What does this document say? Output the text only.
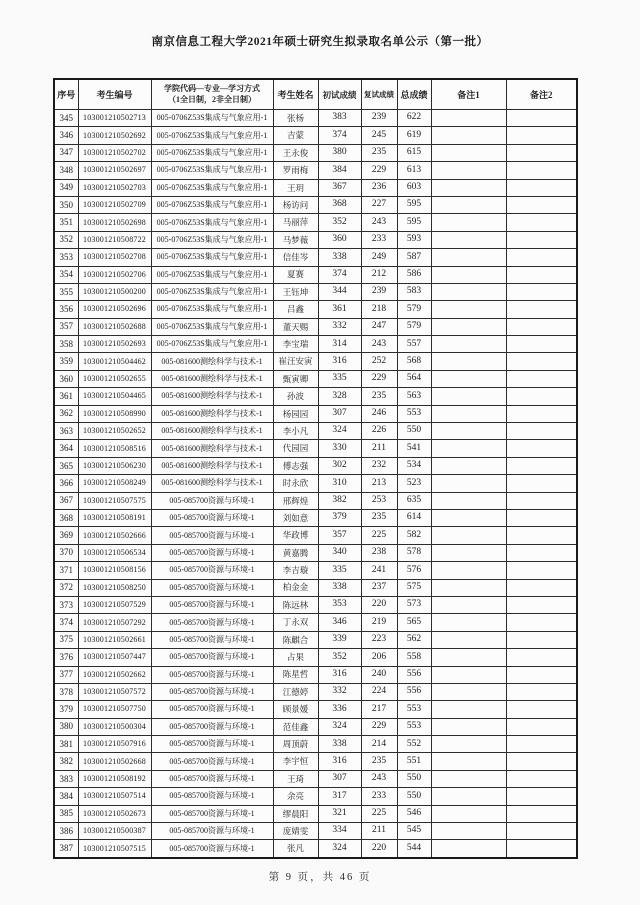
南京信息工程大学2021年硕士研究生拟录取名单公示（第一批）
序号	考生编号	学院代码—专业—学习方式
（1全日制，2非全日制）	考生姓名	初试成绩	复试成绩	总成绩	备注1	备注2
345	103001210502713	005-0706Z53S集成与气象应用-1	张杨	383	239	622		
346	103001210502692	005-0706Z53S集成与气象应用-1	吉蒙	374	245	619		
347	103001210502702	005-0706Z53S集成与气象应用-1	王永俊	380	235	615		
348	103001210502697	005-0706Z53S集成与气象应用-1	罗雨梅	384	229	613		
349	103001210502703	005-0706Z53S集成与气象应用-1	王玥	367	236	603		
350	103001210502709	005-0706Z53S集成与气象应用-1	杨访问	368	227	595		
351	103001210502698	005-0706Z53S集成与气象应用-1	马丽萍	352	243	595		
352	103001210508722	005-0706Z53S集成与气象应用-1	马梦薇	360	233	593		
353	103001210502708	005-0706Z53S集成与气象应用-1	信佳岑	338	249	587		
354	103001210502706	005-0706Z53S集成与气象应用-1	夏赛	374	212	586		
355	103001210500200	005-0706Z53S集成与气象应用-1	王钰坤	344	239	583		
356	103001210502696	005-0706Z53S集成与气象应用-1	吕鑫	361	218	579		
357	103001210502688	005-0706Z53S集成与气象应用-1	董天赐	332	247	579		
358	103001210502693	005-0706Z53S集成与气象应用-1	李宝瑞	314	243	557		
359	103001210504462	005-081600测绘科学与技术-1	崔汪安寅	316	252	568		
360	103001210502655	005-081600测绘科学与技术-1	甄寅卿	335	229	564		
361	103001210504465	005-081600测绘科学与技术-1	孙波	328	235	563		
362	103001210508990	005-081600测绘科学与技术-1	杨园园	307	246	553		
363	103001210502652	005-081600测绘科学与技术-1	李小凡	324	226	550		
364	103001210508516	005-081600测绘科学与技术-1	代园园	330	211	541		
365	103001210506230	005-081600测绘科学与技术-1	傅志强	302	232	534		
366	103001210508249	005-081600测绘科学与技术-1	时永欣	310	213	523		
367	103001210507575	005-085700资源与环境-1	邢辉煌	382	253	635		
368	103001210508191	005-085700资源与环境-1	刘如意	379	235	614		
369	103001210502666	005-085700资源与环境-1	华政博	357	225	582		
370	103001210506534	005-085700资源与环境-1	黄嘉腾	340	238	578		
371	103001210508156	005-085700资源与环境-1	李吉璇	335	241	576		
372	103001210508250	005-085700资源与环境-1	柏金金	338	237	575		
373	103001210507529	005-085700资源与环境-1	陈远林	353	220	573		
374	103001210507292	005-085700资源与环境-1	丁永双	346	219	565		
375	103001210502661	005-085700资源与环境-1	陈麒合	339	223	562		
376	103001210507447	005-085700资源与环境-1	占果	352	206	558		
377	103001210502662	005-085700资源与环境-1	陈星哲	316	240	556		
378	103001210507572	005-085700资源与环境-1	江德婷	332	224	556		
379	103001210507750	005-085700资源与环境-1	顾景媛	336	217	553		
380	103001210500304	005-085700资源与环境-1	范佳鑫	324	229	553		
381	103001210507916	005-085700资源与环境-1	周顶蔚	338	214	552		
382	103001210502668	005-085700资源与环境-1	李宇恒	316	235	551		
383	103001210508192	005-085700资源与环境-1	王琦	307	243	550		
384	103001210507514	005-085700资源与环境-1	余亮	317	233	550		
385	103001210502673	005-085700资源与环境-1	缪晨阳	321	225	546		
386	103001210500387	005-085700资源与环境-1	庞婧雯	334	211	545		
387	103001210507515	005-085700资源与环境-1	张凡	324	220	544		
第 9 页，共 46 页
